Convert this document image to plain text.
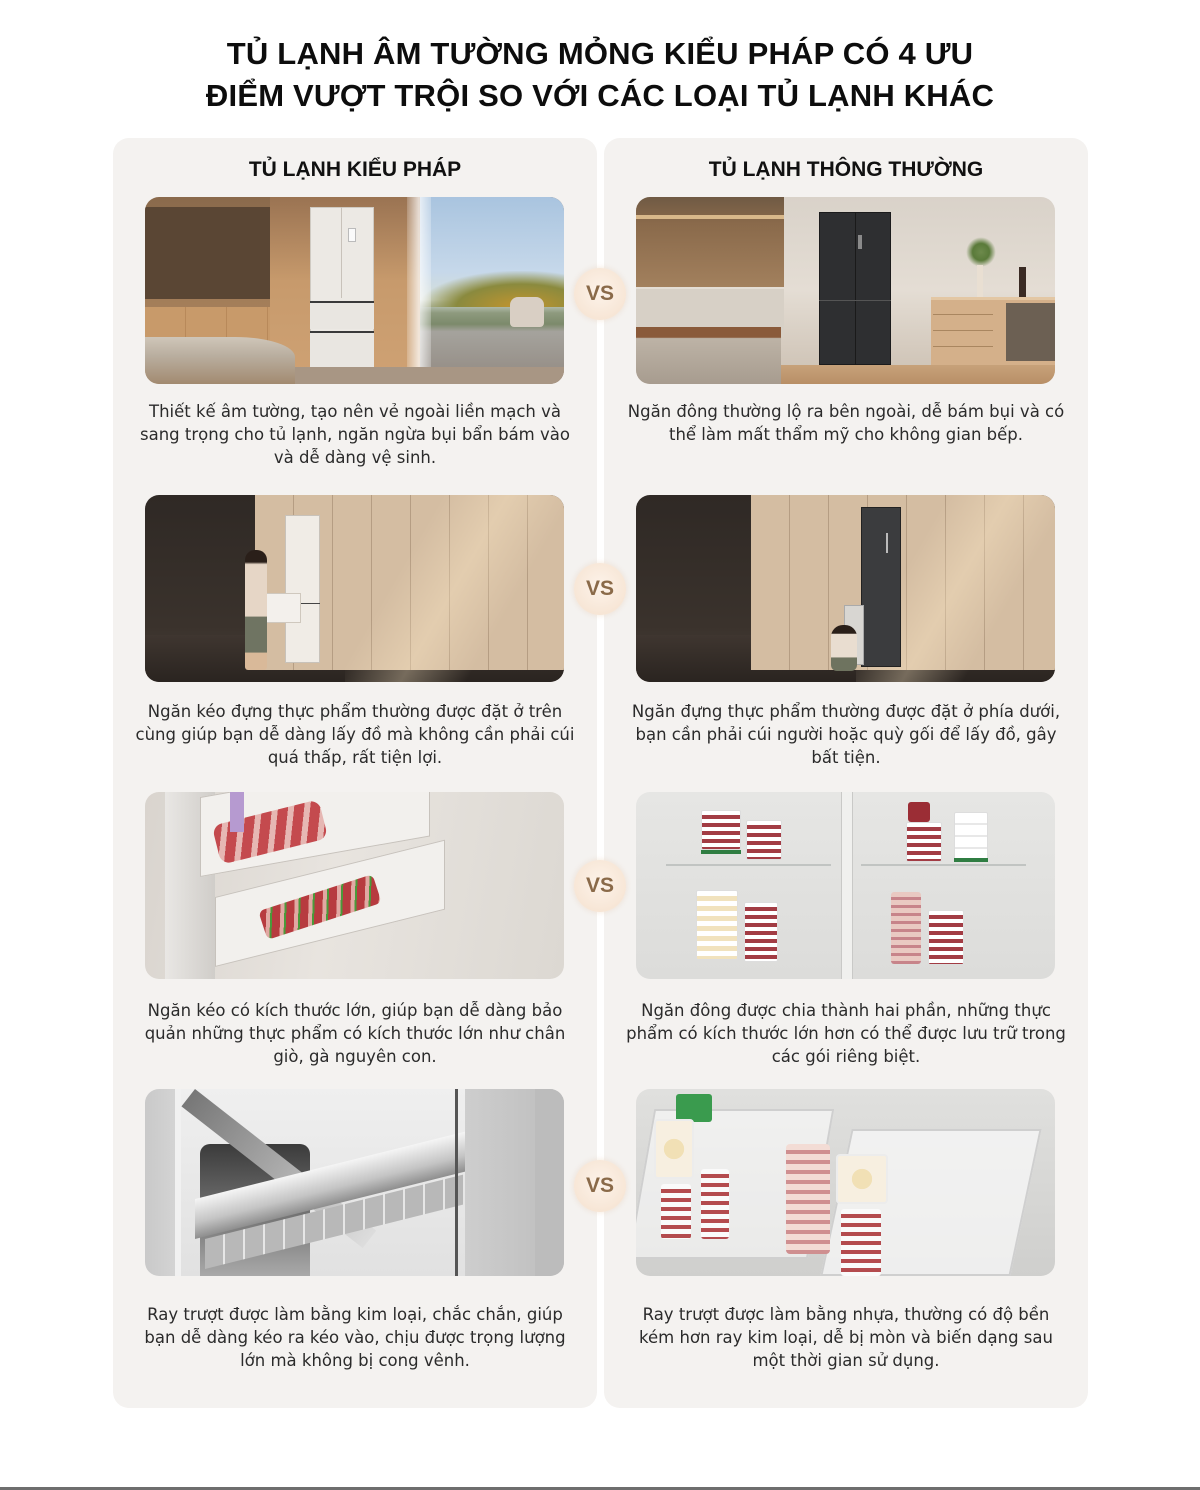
TỦ LẠNH ÂM TƯỜNG MỎNG KIỂU PHÁP CÓ 4 ƯU
ĐIỂM VƯỢT TRỘI SO VỚI CÁC LOẠI TỦ LẠNH KHÁC
TỦ LẠNH KIỂU PHÁP

Thiết kế âm tường, tạo nên vẻ ngoài liền mạch và sang trọng cho tủ lạnh, ngăn ngừa bụi bẩn bám vào và dễ dàng vệ sinh.

Ngăn kéo đựng thực phẩm thường được đặt ở trên cùng giúp bạn dễ dàng lấy đồ mà không cần phải cúi quá thấp, rất tiện lợi.

Ngăn kéo có kích thước lớn, giúp bạn dễ dàng bảo quản những thực phẩm có kích thước lớn như chân giò, gà nguyên con.

Ray trượt được làm bằng kim loại, chắc chắn, giúp bạn dễ dàng kéo ra kéo vào, chịu được trọng lượng lớn mà không bị cong vênh.

TỦ LẠNH THÔNG THƯỜNG

Ngăn đông thường lộ ra bên ngoài, dễ bám bụi và có thể làm mất thẩm mỹ cho không gian bếp.

Ngăn đựng thực phẩm thường được đặt ở phía dưới, bạn cần phải cúi người hoặc quỳ gối để lấy đồ, gây bất tiện.

Ngăn đông được chia thành hai phần, những thực phẩm có kích thước lớn hơn có thể được lưu trữ trong các gói riêng biệt.

Ray trượt được làm bằng nhựa, thường có độ bền kém hơn ray kim loại, dễ bị mòn và biến dạng sau một thời gian sử dụng.

VS
VS
VS
VS
